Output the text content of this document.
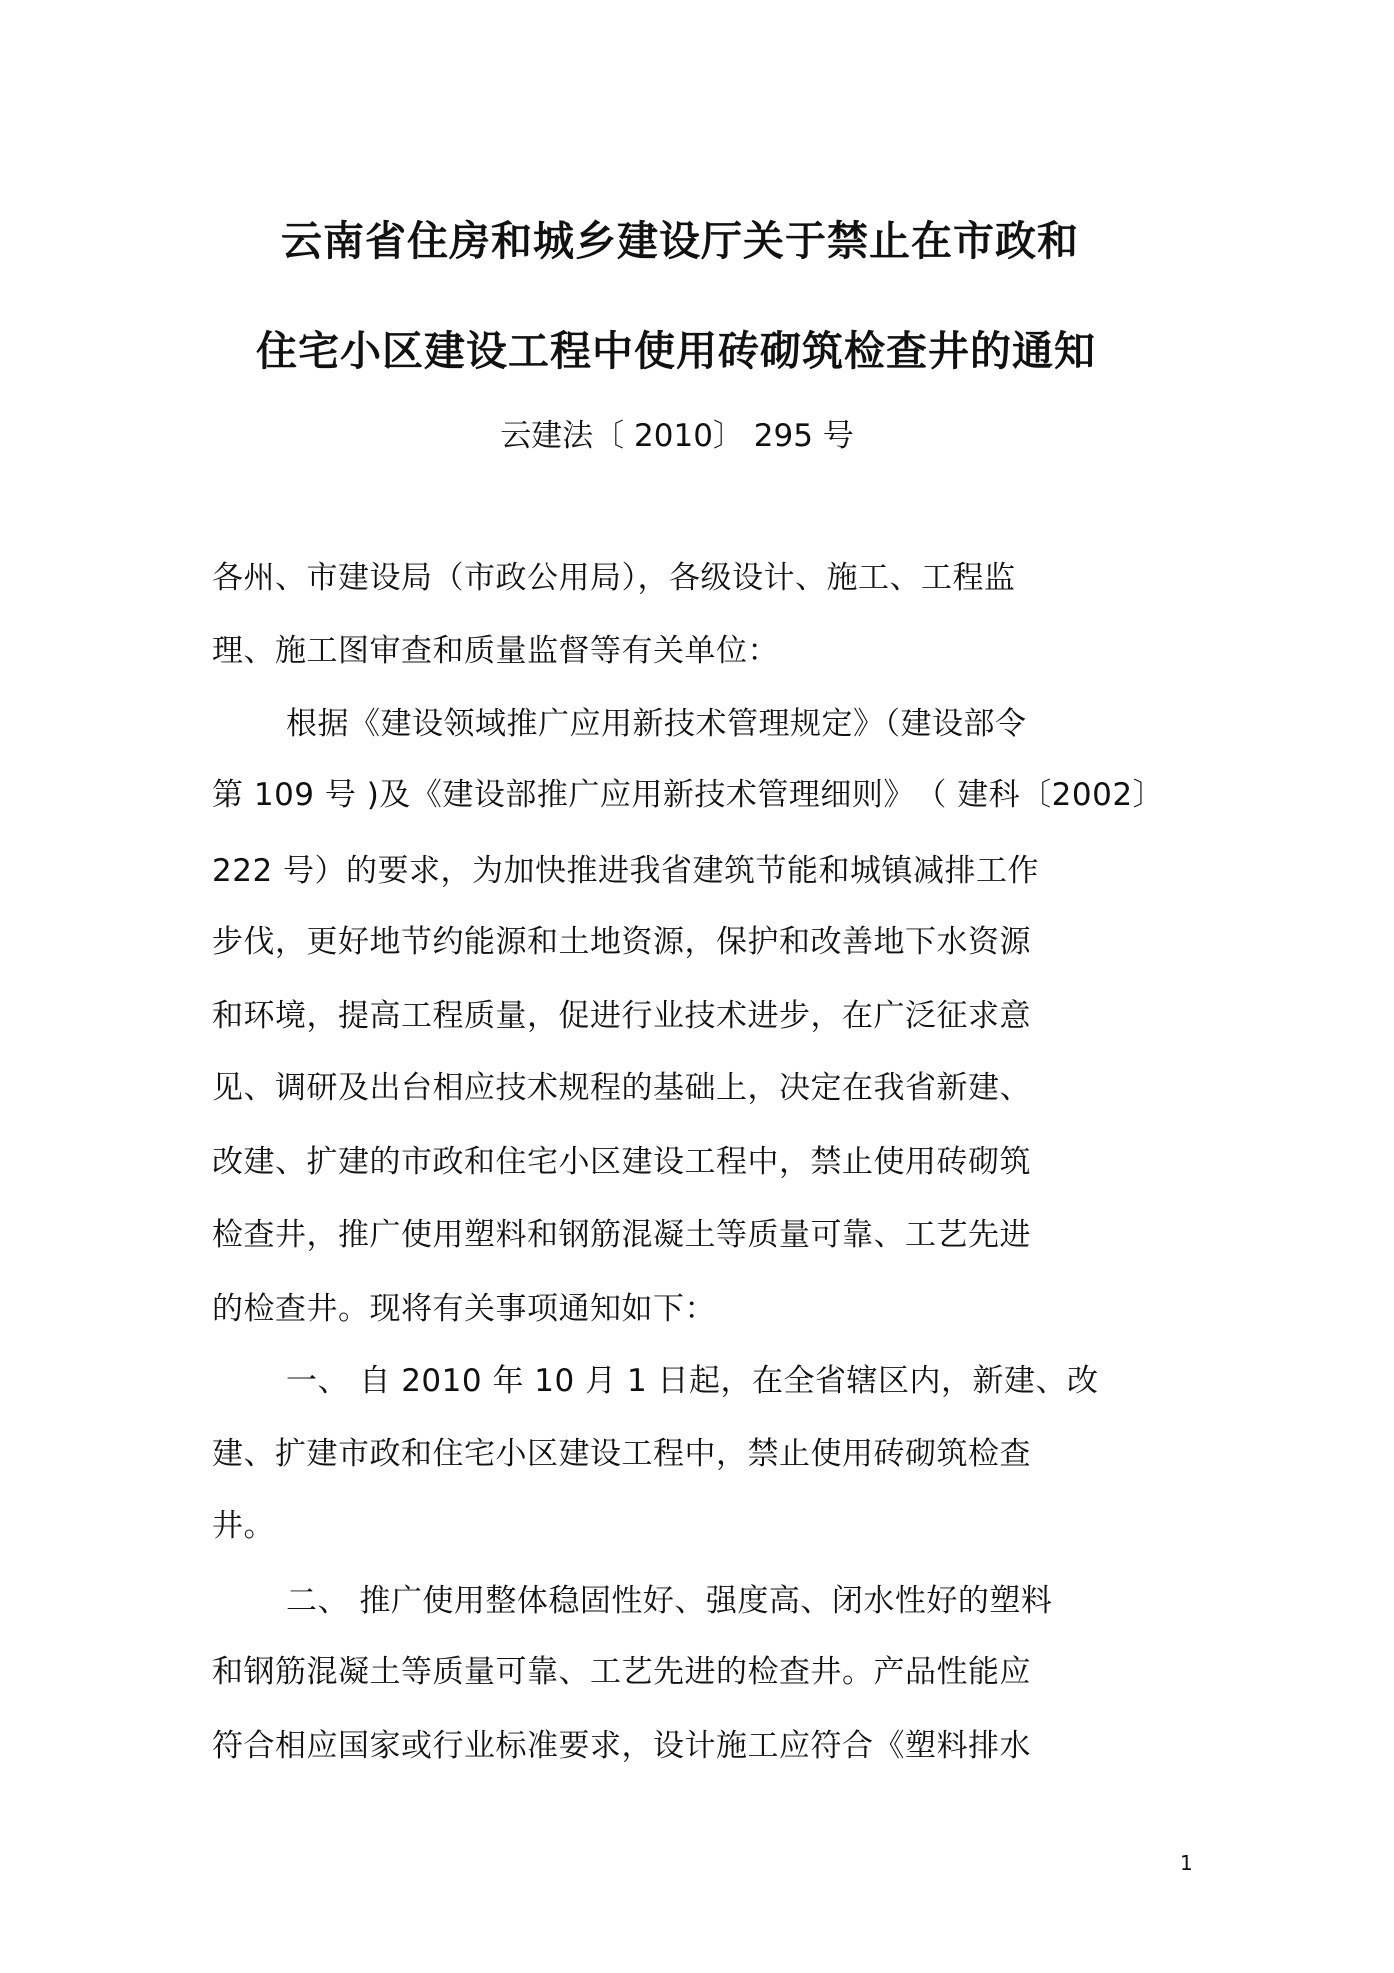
云南省住房和城乡建设厅关于禁止在市政和
住宅小区建设工程中使用砖砌筑检查井的通知
云建法〔 2010〕 295 号
各州、市建设局（市政公用局），各级设计、施工、工程监
理、施工图审查和质量监督等有关单位：
根据《建设领域推广应用新技术管理规定》（建设部令
第 109 号 )及《建设部推广应用新技术管理细则》　（ 建科〔2002〕
222 号）的要求，为加快推进我省建筑节能和城镇减排工作
步伐，更好地节约能源和土地资源，保护和改善地下水资源
和环境，提高工程质量，促进行业技术进步，在广泛征求意
见、调研及出台相应技术规程的基础上，决定在我省新建、
改建、扩建的市政和住宅小区建设工程中，禁止使用砖砌筑
检查井，推广使用塑料和钢筋混凝土等质量可靠、工艺先进
的检查井。现将有关事项通知如下：
一、 自 2010 年 10 月 1 日起，在全省辖区内，新建、改
建、扩建市政和住宅小区建设工程中，禁止使用砖砌筑检查
井。
二、 推广使用整体稳固性好、强度高、闭水性好的塑料
和钢筋混凝土等质量可靠、工艺先进的检查井。产品性能应
符合相应国家或行业标准要求，设计施工应符合《塑料排水
1
